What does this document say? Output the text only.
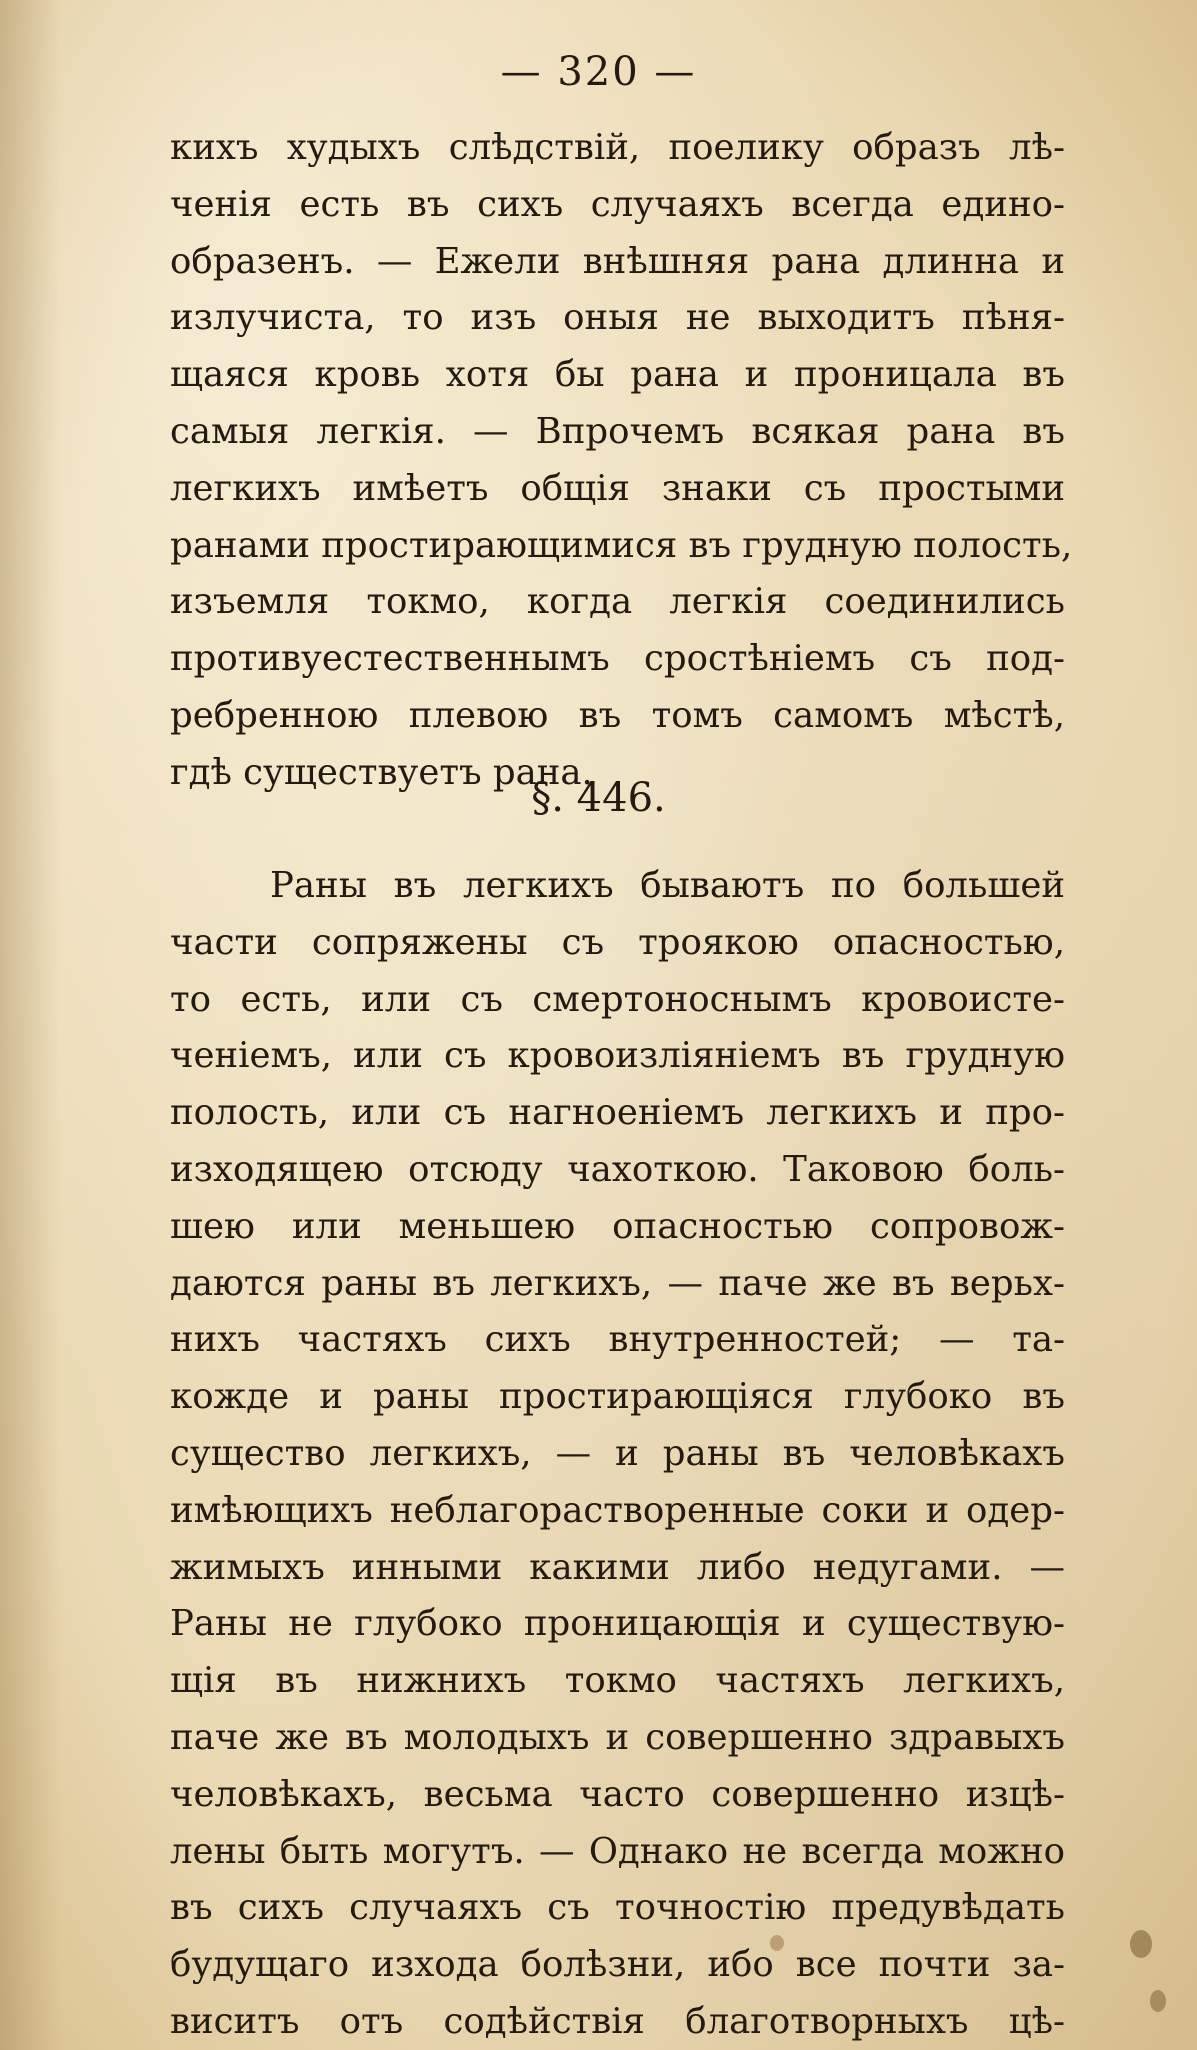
— 320 —
кихъ худыхъ слѣдствій, поелику образъ лѣ-
ченія есть въ сихъ случаяхъ всегда едино-
образенъ. — Ежели внѣшняя рана длинна и
излучиста, то изъ оныя не выходитъ пѣня-
щаяся кровь хотя бы рана и проницала въ
самыя легкія. — Впрочемъ всякая рана въ
легкихъ имѣетъ общія знаки съ простыми
ранами простирающимися въ грудную полость,
изъемля токмо, когда легкія соединились
противуестественнымъ сростѣніемъ съ под-
ребренною плевою въ томъ самомъ мѣстѣ,
гдѣ существуетъ рана.
§. 446.
Раны въ легкихъ бываютъ по большей
части сопряжены съ троякою опасностью,
то есть, или съ смертоноснымъ кровоисте-
ченіемъ, или съ кровоизліяніемъ въ грудную
полость, или съ нагноеніемъ легкихъ и про-
изходящею отсюду чахоткою. Таковою боль-
шею или меньшею опасностью сопровож-
даются раны въ легкихъ, — паче же въ верьх-
нихъ частяхъ сихъ внутренностей; — та-
кожде и раны простирающіяся глубоко въ
существо легкихъ, — и раны въ человѣкахъ
имѣющихъ неблагорастворенные соки и одер-
жимыхъ инными какими либо недугами. —
Раны не глубоко проницающія и существую-
щія въ нижнихъ токмо частяхъ легкихъ,
паче же въ молодыхъ и совершенно здравыхъ
человѣкахъ, весьма часто совершенно изцѣ-
лены быть могутъ. — Однако не всегда можно
въ сихъ случаяхъ съ точностію предувѣдать
будущаго изхода болѣзни, ибо все почти за-
виситъ отъ содѣйствія благотворныхъ цѣ-
